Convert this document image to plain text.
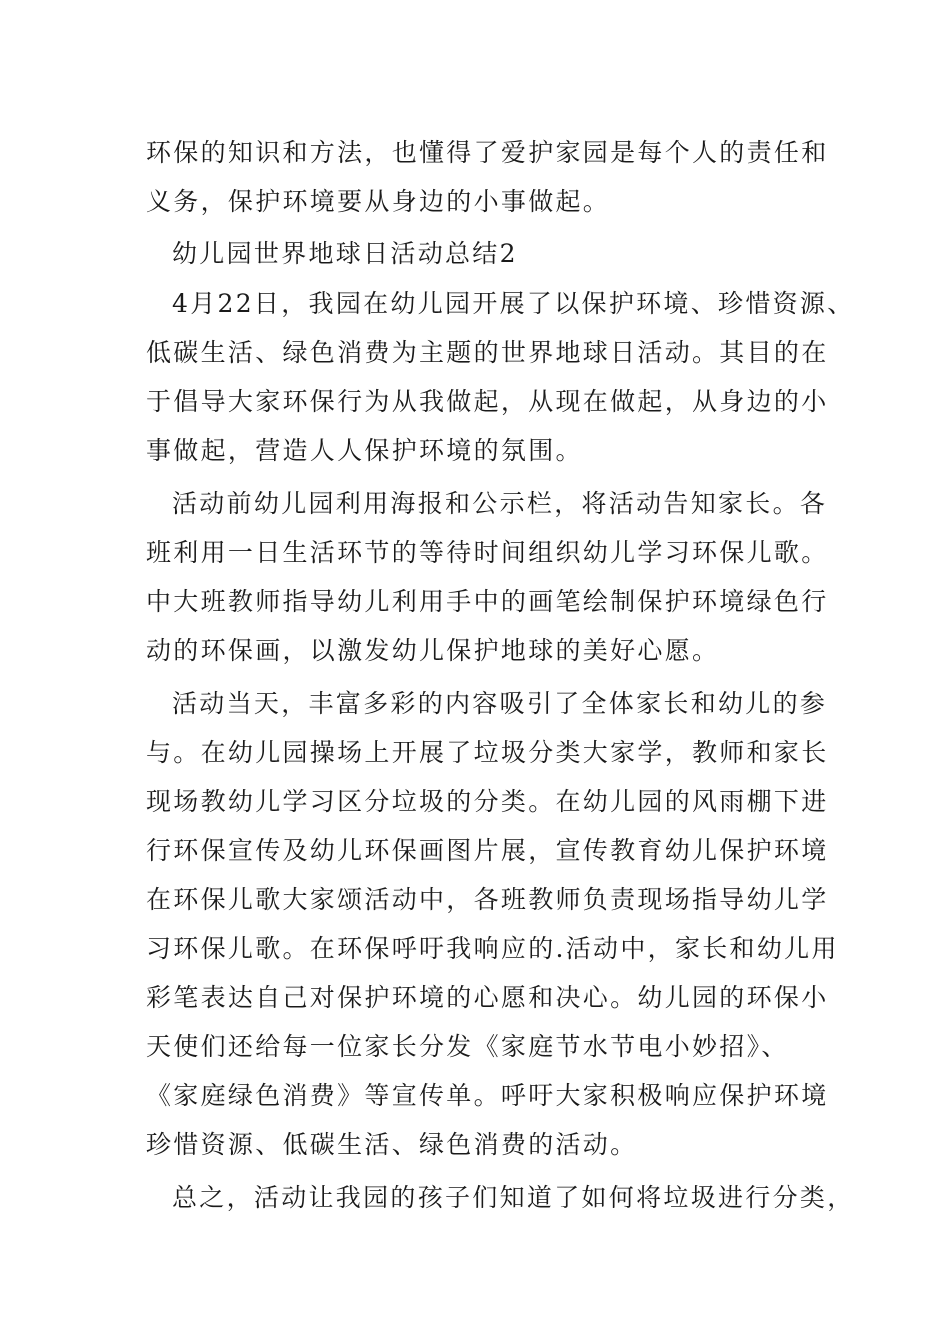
环保的知识和方法，也懂得了爱护家园是每个人的责任和
义务，保护环境要从身边的小事做起。
幼儿园世界地球日活动总结2
4月22日，我园在幼儿园开展了以保护环境、珍惜资源、
低碳生活、绿色消费为主题的世界地球日活动。其目的在
于倡导大家环保行为从我做起，从现在做起，从身边的小
事做起，营造人人保护环境的氛围。
活动前幼儿园利用海报和公示栏，将活动告知家长。各
班利用一日生活环节的等待时间组织幼儿学习环保儿歌。
中大班教师指导幼儿利用手中的画笔绘制保护环境绿色行
动的环保画，以激发幼儿保护地球的美好心愿。
活动当天，丰富多彩的内容吸引了全体家长和幼儿的参
与。在幼儿园操场上开展了垃圾分类大家学，教师和家长
现场教幼儿学习区分垃圾的分类。在幼儿园的风雨棚下进
行环保宣传及幼儿环保画图片展，宣传教育幼儿保护环境
在环保儿歌大家颂活动中，各班教师负责现场指导幼儿学
习环保儿歌。在环保呼吁我响应的.活动中，家长和幼儿用
彩笔表达自己对保护环境的心愿和决心。幼儿园的环保小
天使们还给每一位家长分发《家庭节水节电小妙招》、
《家庭绿色消费》等宣传单。呼吁大家积极响应保护环境
珍惜资源、低碳生活、绿色消费的活动。
总之，活动让我园的孩子们知道了如何将垃圾进行分类，
